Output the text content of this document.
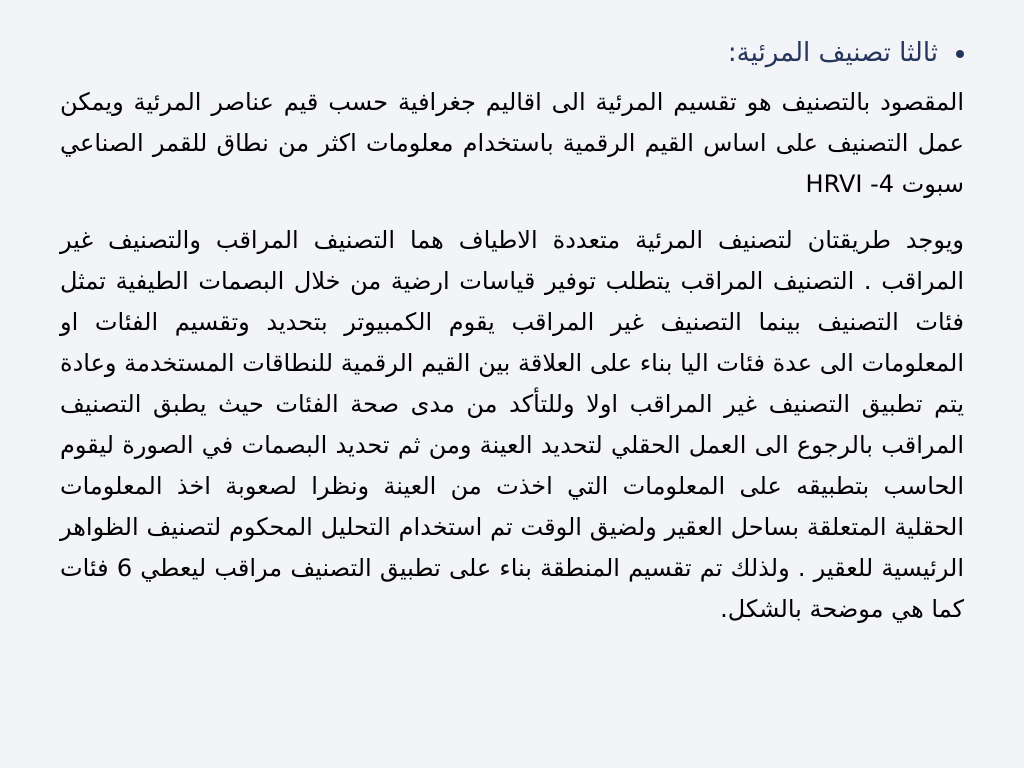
ثالثا تصنيف المرئية:

المقصود بالتصنيف هو تقسيم المرئية الى اقاليم جغرافية حسب قيم عناصر المرئية ويمكن عمل التصنيف على اساس القيم الرقمية باستخدام معلومات اكثر من نطاق للقمر الصناعي سبوت 4- HRVI

ويوجد طريقتان لتصنيف المرئية متعددة الاطياف هما التصنيف المراقب والتصنيف غير المراقب . التصنيف المراقب يتطلب توفير قياسات ارضية من خلال البصمات الطيفية تمثل فئات التصنيف بينما التصنيف غير المراقب يقوم الكمبيوتر بتحديد وتقسيم الفئات او المعلومات الى عدة فئات اليا بناء على العلاقة بين القيم الرقمية للنطاقات المستخدمة وعادة يتم تطبيق التصنيف غير المراقب اولا وللتأكد من مدى صحة الفئات حيث يطبق التصنيف المراقب بالرجوع الى العمل الحقلي لتحديد العينة ومن ثم تحديد البصمات في الصورة ليقوم الحاسب بتطبيقه على المعلومات التي اخذت من العينة ونظرا لصعوبة اخذ المعلومات الحقلية المتعلقة بساحل العقير ولضيق الوقت تم استخدام التحليل المحكوم لتصنيف الظواهر الرئيسية للعقير . ولذلك تم تقسيم المنطقة بناء على تطبيق التصنيف مراقب ليعطي 6 فئات كما هي موضحة بالشكل.
